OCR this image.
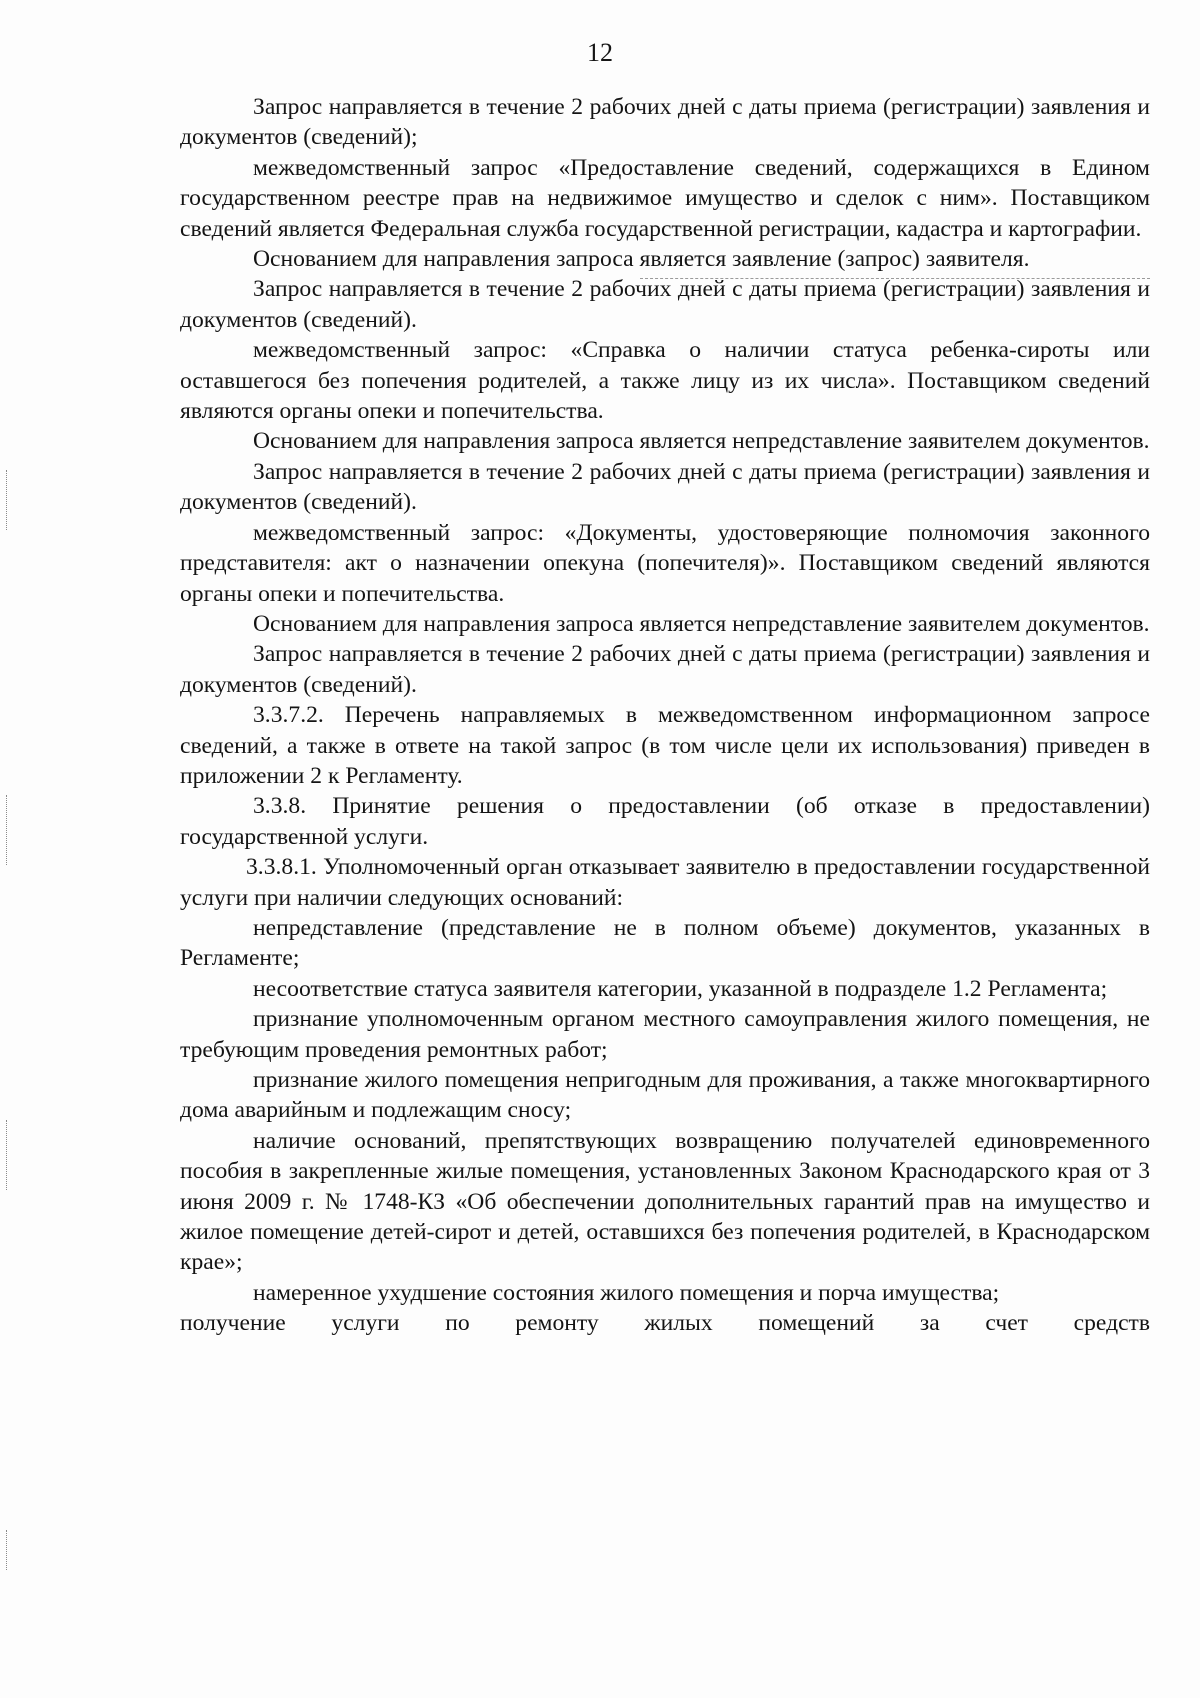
12

Запрос направляется в течение 2 рабочих дней с даты приема (регистрации) заявления и документов (сведений);

межведомственный запрос «Предоставление сведений, содержащихся в Едином государственном реестре прав на недвижимое имущество и сделок с ним». Поставщиком сведений является Федеральная служба государственной регистрации, кадастра и картографии.

Основанием для направления запроса является заявление (запрос) заявителя.

Запрос направляется в течение 2 рабочих дней с даты приема (регистрации) заявления и документов (сведений).

межведомственный запрос: «Справка о наличии статуса ребенка-сироты или оставшегося без попечения родителей, а также лицу из их числа». Поставщиком сведений являются органы опеки и попечительства.

Основанием для направления запроса является непредставление заявителем документов.

Запрос направляется в течение 2 рабочих дней с даты приема (регистрации) заявления и документов (сведений).

межведомственный запрос: «Документы, удостоверяющие полномочия законного представителя: акт о назначении опекуна (попечителя)». Поставщиком сведений являются органы опеки и попечительства.

Основанием для направления запроса является непредставление заявителем документов.

Запрос направляется в течение 2 рабочих дней с даты приема (регистрации) заявления и документов (сведений).

3.3.7.2. Перечень направляемых в межведомственном информационном запросе сведений, а также в ответе на такой запрос (в том числе цели их использования) приведен в приложении 2 к Регламенту.

3.3.8. Принятие решения о предоставлении (об отказе в предоставлении) государственной услуги.

3.3.8.1. Уполномоченный орган отказывает заявителю в предоставлении государственной услуги при наличии следующих оснований:

непредставление (представление не в полном объеме) документов, указанных в Регламенте;

несоответствие статуса заявителя категории, указанной в подразделе 1.2 Регламента;

признание уполномоченным органом местного самоуправления жилого помещения, не требующим проведения ремонтных работ;

признание жилого помещения непригодным для проживания, а также многоквартирного дома аварийным и подлежащим сносу;

наличие оснований, препятствующих возвращению получателей единовременного пособия в закрепленные жилые помещения, установленных Законом Краснодарского края от 3 июня 2009 г. № 1748-КЗ «Об обеспечении дополнительных гарантий прав на имущество и жилое помещение детей-сирот и детей, оставшихся без попечения родителей, в Краснодарском крае»;

намеренное ухудшение состояния жилого помещения и порча имущества;

получение услуги по ремонту жилых помещений за счет средств
